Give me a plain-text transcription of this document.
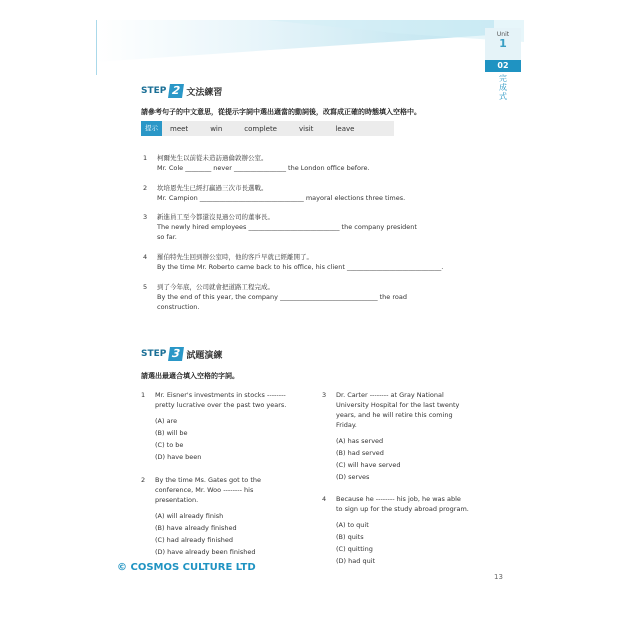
Unit
1
02
完成式
STEP 2 文法練習
請參考句子的中文意思，從提示字詞中選出適當的動詞後，改寫成正確的時態填入空格中。
提示	meet	win	complete	visit	leave
1 柯爾先生以前從未造訪過倫敦辦公室。
Mr. Cole ________ never ________________ the London office before.
2 坎培恩先生已經打贏過三次市長選戰。
Mr. Campion ________________________________ mayoral elections three times.
3 新進員工至今都還沒見過公司的董事長。
The newly hired employees ____________________________ the company president
so far.
4 羅伯特先生回到辦公室時，他的客戶早就已經離開了。
By the time Mr. Roberto came back to his office, his client _____________________________.
5 到了今年底，公司就會把道路工程完成。
By the end of this year, the company ______________________________ the road
construction.
STEP 3 試題演練
請選出最適合填入空格的字詞。
1 Mr. Eisner's investments in stocks --------
pretty lucrative over the past two years.
(A) are
(B) will be
(C) to be
(D) have been
2 By the time Ms. Gates got to the
conference, Mr. Woo -------- his
presentation.
(A) will already finish
(B) have already finished
(C) had already finished
(D) have already been finished
3 Dr. Carter -------- at Gray National
University Hospital for the last twenty
years, and he will retire this coming
Friday.
(A) has served
(B) had served
(C) will have served
(D) serves
4 Because he -------- his job, he was able
to sign up for the study abroad program.
(A) to quit
(B) quits
(C) quitting
(D) had quit
© COSMOS CULTURE LTD
13
